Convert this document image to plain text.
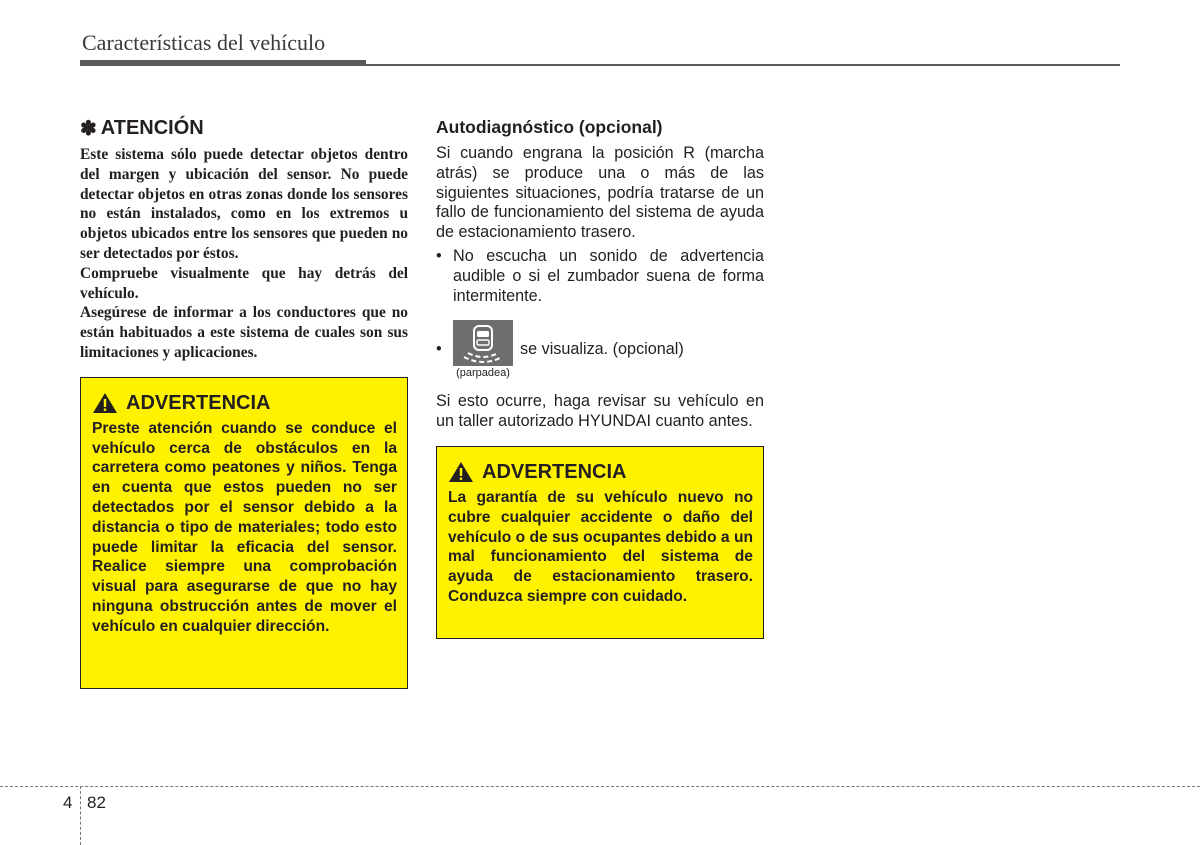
Características del vehículo
✽ ATENCIÓN

Este sistema sólo puede detectar objetos dentro del margen y ubicación del sensor. No puede detectar objetos en otras zonas donde los sensores no están instalados, como en los extremos u objetos ubicados entre los sensores que pueden no ser detectados por éstos.

Compruebe visualmente que hay detrás del vehículo.

Asegúrese de informar a los conductores que no están habituados a este sistema de cuales son sus limitaciones y aplicaciones.

ADVERTENCIA

Preste atención cuando se conduce el vehículo cerca de obstáculos en la carretera como peatones y niños. Tenga en cuenta que estos pueden no ser detectados por el sensor debido a la distancia o tipo de materiales; todo esto puede limitar la eficacia del sensor. Realice siempre una comprobación visual para asegurarse de que no hay ninguna obstrucción antes de mover el vehículo en cualquier dirección.

Autodiagnóstico (opcional)

Si cuando engrana la posición R (marcha atrás) se produce una o más de las siguientes situaciones, podría tratarse de un fallo de funcionamiento del sistema de ayuda de estacionamiento trasero.

• No escucha un sonido de advertencia audible o si el zumbador suena de forma intermitente.
•
(parpadea)
se visualiza. (opcional)

Si esto ocurre, haga revisar su vehículo en un taller autorizado HYUNDAI cuanto antes.

ADVERTENCIA

La garantía de su vehículo nuevo no cubre cualquier accidente o daño del vehículo o de sus ocupantes debido a un mal funcionamiento del sistema de ayuda de estacionamiento trasero. Conduzca siempre con cuidado.

4 82
